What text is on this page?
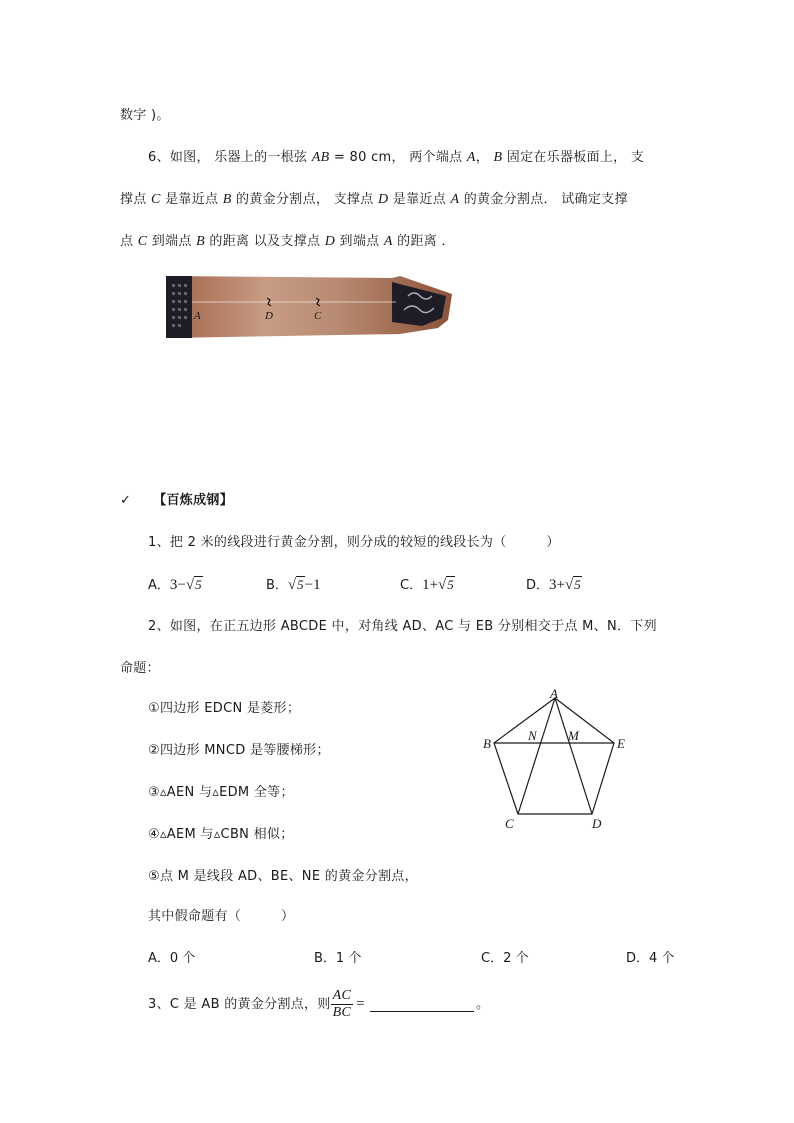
数字 )。
6、如图， 乐器上的一根弦 AB = 80 cm， 两个端点 A， B 固定在乐器板面上， 支
撑点 C 是靠近点 B 的黄金分割点， 支撑点 D 是靠近点 A 的黄金分割点． 试确定支撑
点 C 到端点 B 的距离 以及支撑点 D 到端点 A 的距离 ．
A	D	C	B
✓ 【百炼成钢】
1、把 2 米的线段进行黄金分割，则分成的较短的线段长为（　　　）
A．3−√5	B．√5−1	C．1+√5	D．3+√5
2、如图，在正五边形 ABCDE 中，对角线 AD、AC 与 EB 分别相交于点 M、N．下列
命题：
①四边形 EDCN 是菱形；
②四边形 MNCD 是等腰梯形；
③▵AEN 与▵EDM 全等；
④▵AEM 与▵CBN 相似；
⑤点 M 是线段 AD、BE、NE 的黄金分割点，
其中假命题有（　　　）
A
B
C	D
E
N M
A．0 个	B．1 个	C．2 个	D．4 个
3、C 是 AB 的黄金分割点，则 $\frac{AC}{BC}$ =	。
